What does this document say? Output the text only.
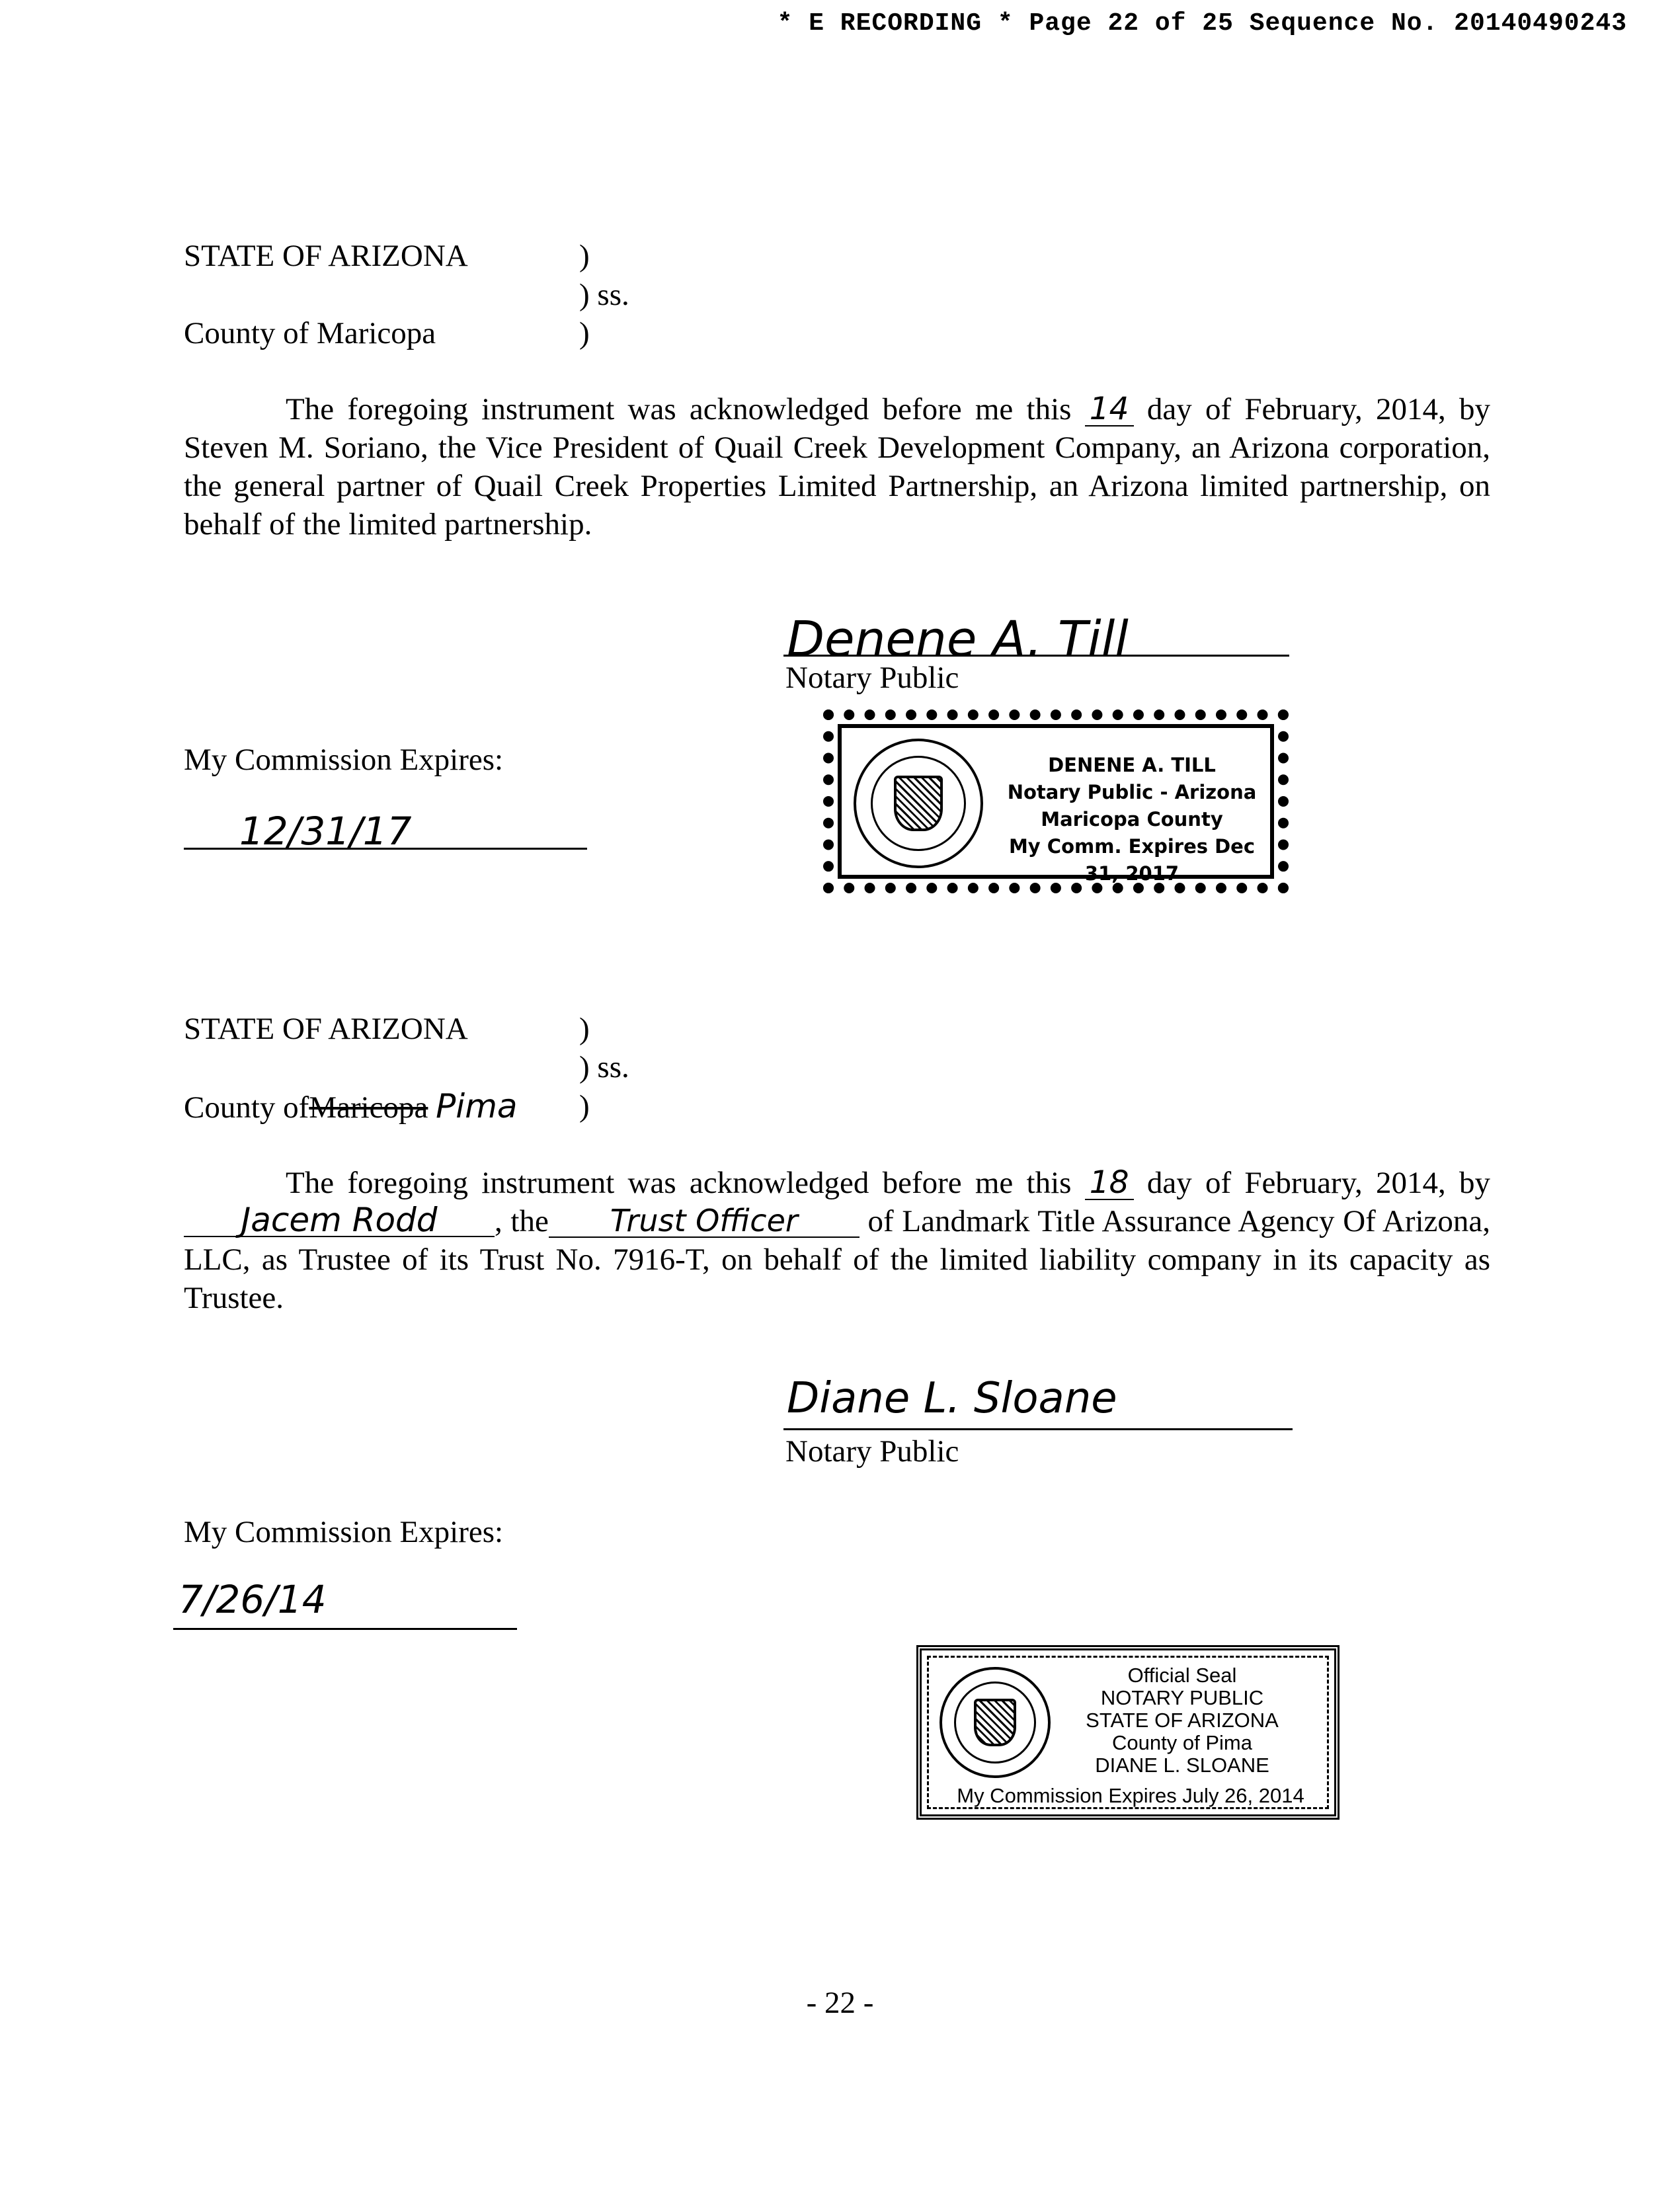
* E RECORDING * Page 22 of 25 Sequence No. 20140490243
STATE OF ARIZONA	)
) ss.
County of Maricopa	)

The foregoing instrument was acknowledged before me this 14 day of February, 2014, by Steven M. Soriano, the Vice President of Quail Creek Development Company, an Arizona corporation, the general partner of Quail Creek Properties Limited Partnership, an Arizona limited partnership, on behalf of the limited partnership.

Denene A. Till
Notary Public
My Commission Expires:
12/31/17
DENENE A. TILL
Notary Public - Arizona
Maricopa County
My Comm. Expires Dec 31, 2017
STATE OF ARIZONA	)
) ss.
County ofMaricopa Pima )

The foregoing instrument was acknowledged before me this 18 day of February, 2014, by Jacem Rodd , the Trust Officer of Landmark Title Assurance Agency Of Arizona, LLC, as Trustee of its Trust No. 7916-T, on behalf of the limited liability company in its capacity as Trustee.

Diane L. Sloane
Notary Public
My Commission Expires:
7/26/14
Official Seal
NOTARY PUBLIC
STATE OF ARIZONA
County of Pima
DIANE L. SLOANE
My Commission Expires July 26, 2014
- 22 -
